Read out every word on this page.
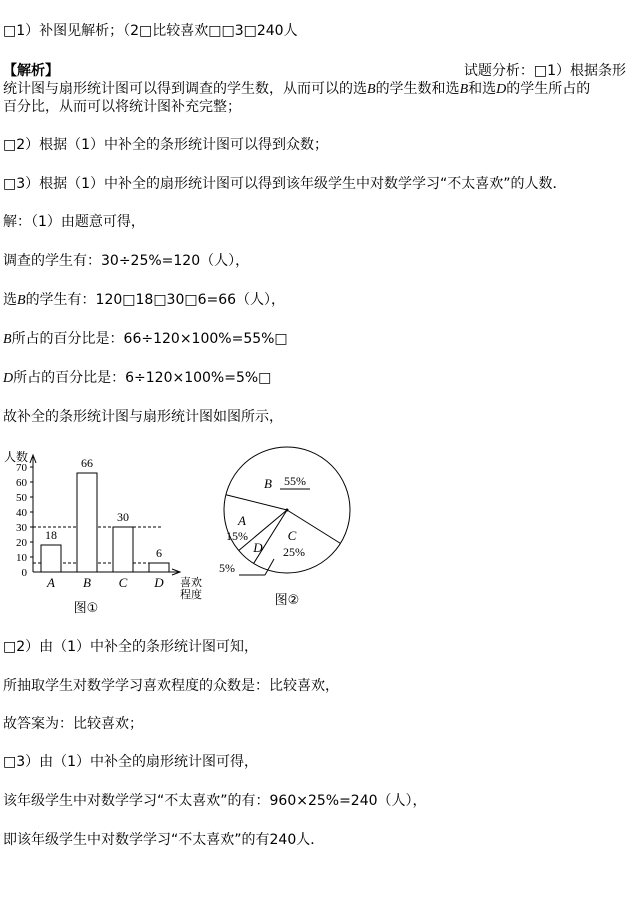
□1）补图见解析；（2□比较喜欢□□3□240人
【解析】	试题分析：□1）根据条形
统计图与扇形统计图可以得到调查的学生数，从而可以的选B的学生数和选B和选D的学生所占的
百分比，从而可以将统计图补充完整；
□2）根据（1）中补全的条形统计图可以得到众数；
□3）根据（1）中补全的扇形统计图可以得到该年级学生中对数学学习“不太喜欢”的人数．
解：（1）由题意可得，
调查的学生有：30÷25%=120（人），
选B的学生有：120□18□30□6=66（人），
B所占的百分比是：66÷120×100%=55%□
D所占的百分比是：6÷120×100%=5%□
故补全的条形统计图与扇形统计图如图所示，
人数
0
10
20
30
40
50
60
70
18
A
66
B
30
C
6
D 喜欢
程度
图①
B 55%
A
15%	C
25%
D
5%
图②
□2）由（1）中补全的条形统计图可知，
所抽取学生对数学学习喜欢程度的众数是：比较喜欢，
故答案为：比较喜欢；
□3）由（1）中补全的扇形统计图可得，
该年级学生中对数学学习“不太喜欢”的有：960×25%=240（人），
即该年级学生中对数学学习“不太喜欢”的有240人．
